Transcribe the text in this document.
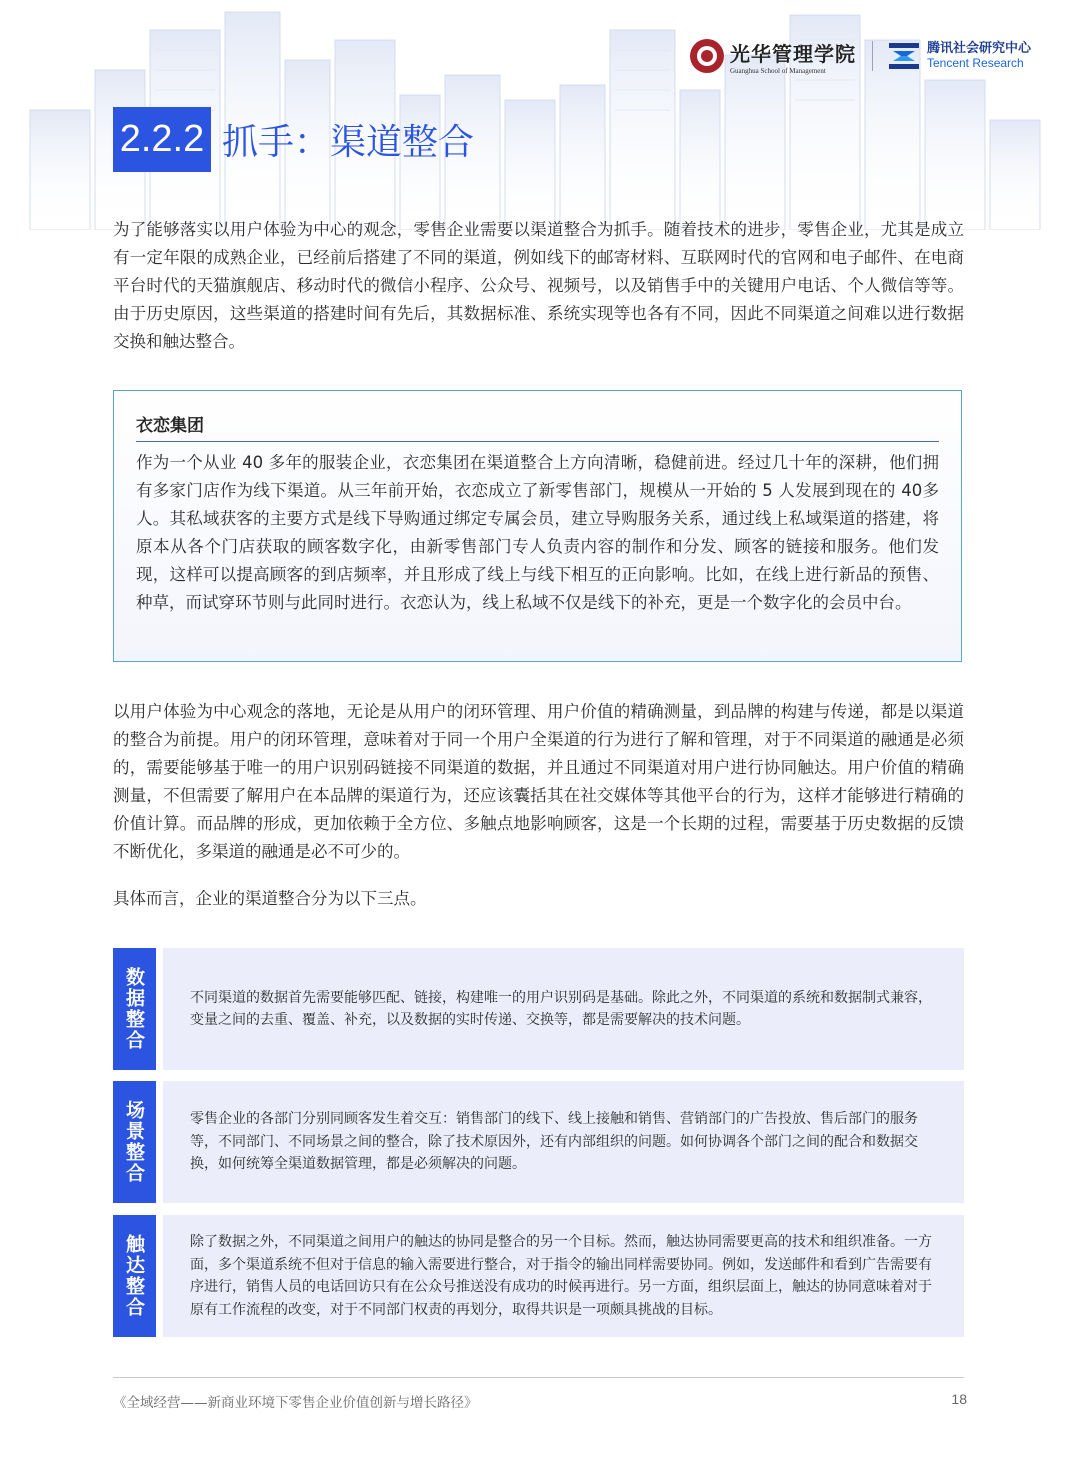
光华管理学院
Guanghua School of Management
腾讯社会研究中心
Tencent Research
2.2.2 抓手：渠道整合
为了能够落实以用户体验为中心的观念，零售企业需要以渠道整合为抓手。随着技术的进步，零售企业，尤其是成立有一定年限的成熟企业，已经前后搭建了不同的渠道，例如线下的邮寄材料、互联网时代的官网和电子邮件、在电商平台时代的天猫旗舰店、移动时代的微信小程序、公众号、视频号，以及销售手中的关键用户电话、个人微信等等。由于历史原因，这些渠道的搭建时间有先后，其数据标准、系统实现等也各有不同，因此不同渠道之间难以进行数据交换和触达整合。
衣恋集团
作为一个从业 40 多年的服装企业，衣恋集团在渠道整合上方向清晰，稳健前进。经过几十年的深耕，他们拥有多家门店作为线下渠道。从三年前开始，衣恋成立了新零售部门，规模从一开始的 5 人发展到现在的 40多人。其私域获客的主要方式是线下导购通过绑定专属会员，建立导购服务关系，通过线上私域渠道的搭建，将原本从各个门店获取的顾客数字化，由新零售部门专人负责内容的制作和分发、顾客的链接和服务。他们发现，这样可以提高顾客的到店频率，并且形成了线上与线下相互的正向影响。比如，在线上进行新品的预售、种草，而试穿环节则与此同时进行。衣恋认为，线上私域不仅是线下的补充，更是一个数字化的会员中台。
以用户体验为中心观念的落地，无论是从用户的闭环管理、用户价值的精确测量，到品牌的构建与传递，都是以渠道的整合为前提。用户的闭环管理，意味着对于同一个用户全渠道的行为进行了解和管理，对于不同渠道的融通是必须的，需要能够基于唯一的用户识别码链接不同渠道的数据，并且通过不同渠道对用户进行协同触达。用户价值的精确测量，不但需要了解用户在本品牌的渠道行为，还应该囊括其在社交媒体等其他平台的行为，这样才能够进行精确的价值计算。而品牌的形成，更加依赖于全方位、多触点地影响顾客，这是一个长期的过程，需要基于历史数据的反馈不断优化，多渠道的融通是必不可少的。
具体而言，企业的渠道整合分为以下三点。
数据整合	不同渠道的数据首先需要能够匹配、链接，构建唯一的用户识别码是基础。除此之外，不同渠道的系统和数据制式兼容，变量之间的去重、覆盖、补充，以及数据的实时传递、交换等，都是需要解决的技术问题。
场景整合	零售企业的各部门分别同顾客发生着交互：销售部门的线下、线上接触和销售、营销部门的广告投放、售后部门的服务等，不同部门、不同场景之间的整合，除了技术原因外，还有内部组织的问题。如何协调各个部门之间的配合和数据交换，如何统筹全渠道数据管理，都是必须解决的问题。
触达整合	除了数据之外，不同渠道之间用户的触达的协同是整合的另一个目标。然而，触达协同需要更高的技术和组织准备。一方面，多个渠道系统不但对于信息的输入需要进行整合，对于指令的输出同样需要协同。例如，发送邮件和看到广告需要有序进行，销售人员的电话回访只有在公众号推送没有成功的时候再进行。另一方面，组织层面上，触达的协同意味着对于原有工作流程的改变，对于不同部门权责的再划分，取得共识是一项颇具挑战的目标。
《全域经营——新商业环境下零售企业价值创新与增长路径》	18
